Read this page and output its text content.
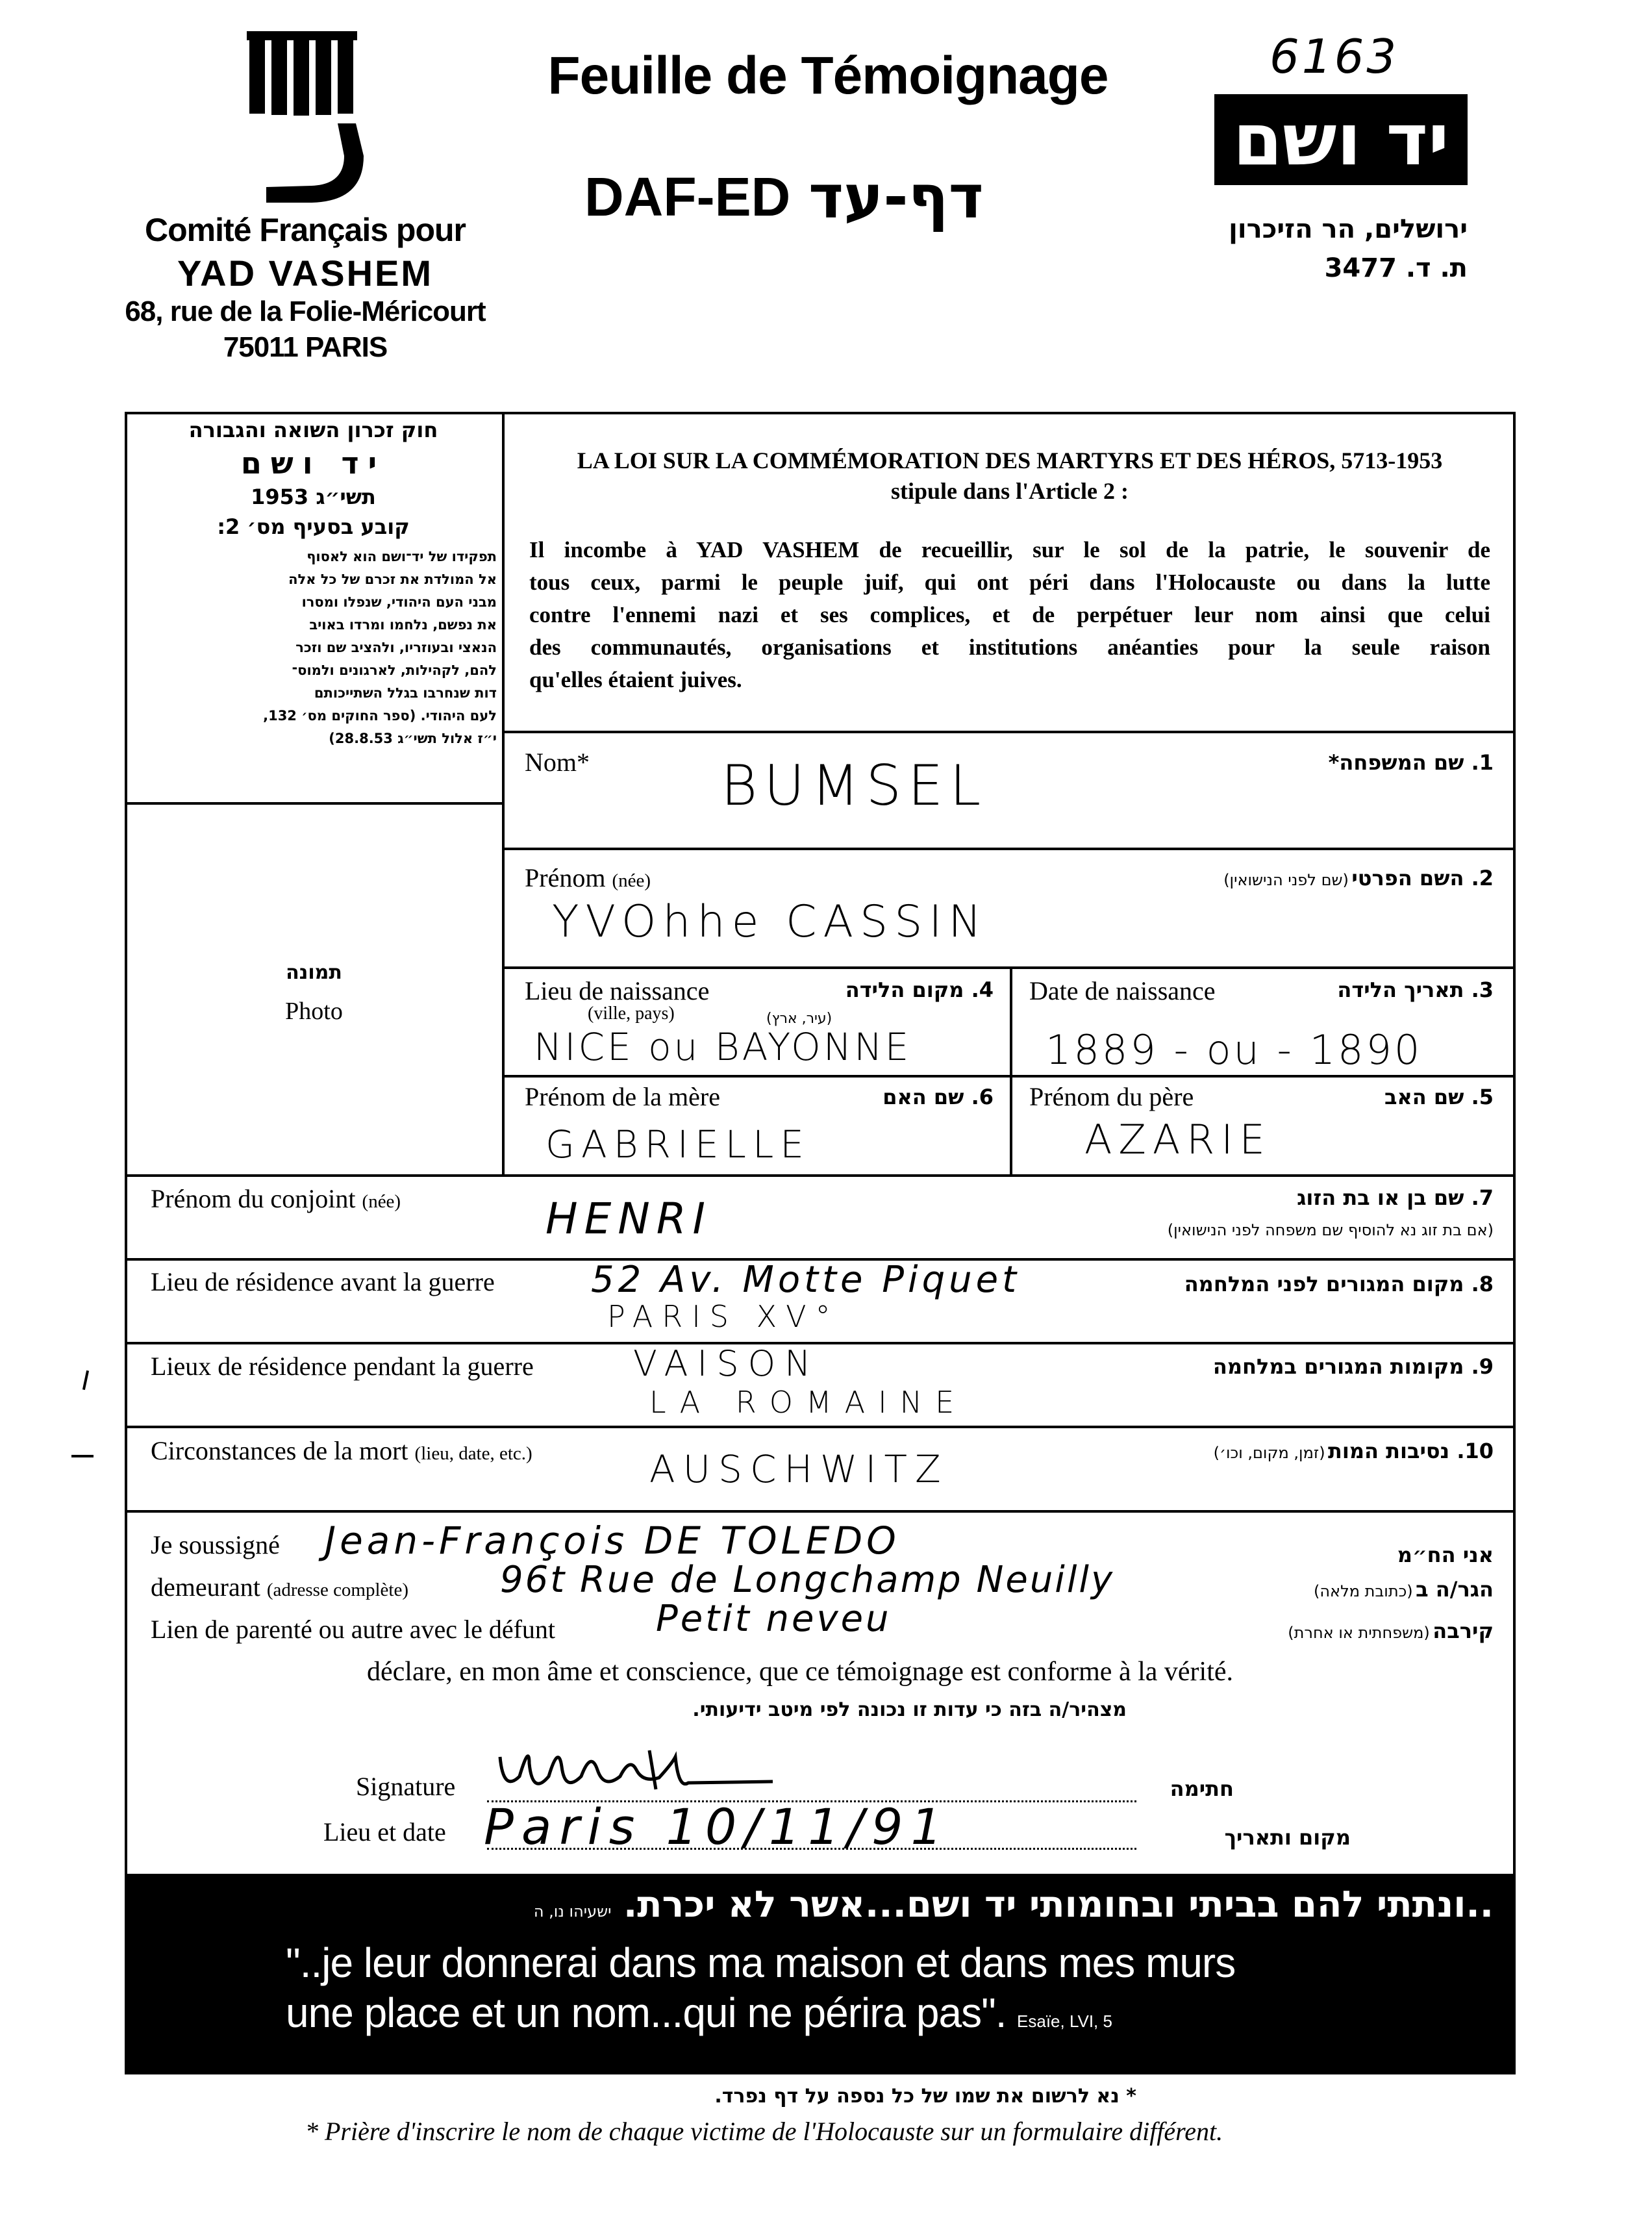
Comité Français pour
YAD VASHEM
68, rue de la Folie-Méricourt
75011 PARIS
Feuille de Témoignage
DAF-ED דף-עד
6163
יד ושם
ירושלים, הר הזיכרון
ת. ד. 3477
חוק זכרון השואה והגבורה
יד ושם
תשי״ג 1953
קובע בסעיף מס׳ 2:
תפקידו של יד־ושם הוא לאסוף
אל המולדת את זכרם של כל אלה
מבני העם היהודי, שנפלו ומסרו
את נפשם, נלחמו ומרדו באויב
הנאצי ובעוזריו, ולהציב שם וזכר
להם, לקהילות, לארגונים ולמוס־
דות שנחרבו בגלל השתייכותם
לעם היהודי. (ספר החוקים מס׳ 132,
י״ז אלול תשי״ג 28.8.53)
תמונה
Photo
LA LOI SUR LA COMMÉMORATION DES MARTYRS ET DES HÉROS, 5713-1953
stipule dans l'Article 2 :
Il incombe à YAD VASHEM de recueillir, sur le sol de la patrie, le souvenir de
tous ceux, parmi le peuple juif, qui ont péri dans l'Holocauste ou dans la lutte
contre l'ennemi nazi et ses complices, et de perpétuer leur nom ainsi que celui
des communautés, organisations et institutions anéanties pour la seule raison
qu'elles étaient juives.
Nom*	1. שם המשפחה*
BUMSEL
Prénom (née)	(שם לפני הנישואין) 2. השם הפרטי
YVOhhe CASSIN
Lieu de naissance	4. מקום הלידה
(ville, pays)	(עיר, ארץ)
NICE ou BAYONNE
Date de naissance	3. תאריך הלידה
1889 - ou - 1890
Prénom de la mère	6. שם האם
GABRIELLE
Prénom du père	5. שם האב
AZARIE
Prénom du conjoint (née)	7. שם בן או בת הזוג
(אם בת זוג נא להוסיף שם משפחה לפני הנישואין)
HENRI
Lieu de résidence avant la guerre	8. מקום המגורים לפני המלחמה
52 Av. Motte Piquet
PARIS XV°
Lieux de résidence pendant la guerre	9. מקומות המגורים במלחמה
VAISON
LA ROMAINE
Circonstances de la mort (lieu, date, etc.)	(זמן, מקום, וכו׳) 10. נסיבות המות
AUSCHWITZ
Je soussigné	אני הח״מ
Jean-François DE TOLEDO
demeurant (adresse complète)	(כתובת מלאה) הגר/ה ב
96t Rue de Longchamp Neuilly
Lien de parenté ou autre avec le défunt	(משפחתית או אחרת) קירבה
Petit neveu
déclare, en mon âme et conscience, que ce témoignage est conforme à la vérité.
מצהיר/ה בזה כי עדות זו נכונה לפי מיטב ידיעותי.
Signature	חתימה
Lieu et date Paris 10/11/91	מקום ותאריך
..ונתתי להם בביתי ובחומותי יד ושם...אשר לא יכרת. ישעיהו נו, ה
"..je leur donnerai dans ma maison et dans mes murs
une place et un nom...qui ne périra pas". Esaïe, LVI, 5
* נא לרשום את שמו של כל נספה על דף נפרד.
* Prière d'inscrire le nom de chaque victime de l'Holocauste sur un formulaire différent.
